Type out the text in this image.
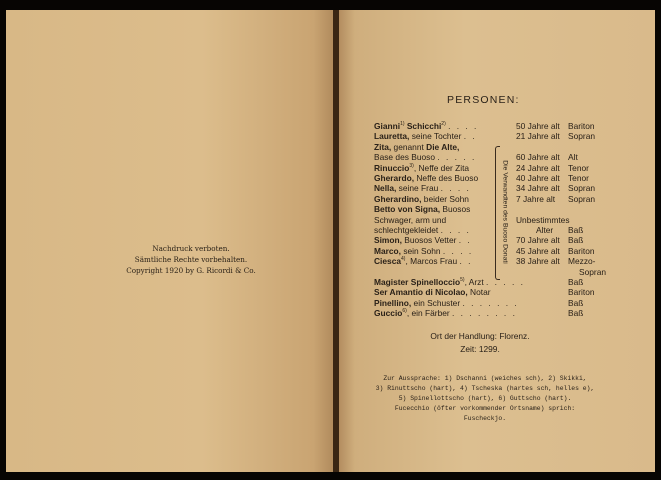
Nachdruck verboten.
Sämtliche Rechte vorbehalten.
Copyright 1920 by G. Ricordi & Co.
PERSONEN:
Gianni$^{1)}$ Schicchi$^{2)}$ . . . .	50 Jahre alt Bariton
Lauretta, seine Tochter . .	21 Jahre alt Sopran
Zita, genannt Die Alte,
Base des Buoso . . . . .	60 Jahre alt Alt
Rinuccio$^{3)}$, Neffe der Zita	24 Jahre alt Tenor
Gherardo, Neffe des Buoso	40 Jahre alt Tenor
Nella, seine Frau . . . .	34 Jahre alt Sopran
Gherardino, beider Sohn	7 Jahre alt Sopran
Betto von Signa, Buosos
Schwager, arm und	Unbestimmtes
schlechtgekleidet . . . .	Alter Baß
Simon, Buosos Vetter . .	70 Jahre alt Baß
Marco, sein Sohn . . . .	45 Jahre alt Bariton
Ciesca$^{4)}$, Marcos Frau . .	38 Jahre alt Mezzo-
Sopran
Magister Spinelloccio$^{5)}$, Arzt . . . . .	Baß
Ser Amantio di Nicolao, Notar	Bariton
Pinellino, ein Schuster . . . . . . .	Baß
Guccio$^{6)}$, ein Färber . . . . . . . .	Baß
Die Verwandten des Buoso Donati
Ort der Handlung: Florenz.
Zeit: 1299.
Zur Aussprache: 1) Dschanni (weiches sch), 2) Skikki,
3) Rinuttscho (hart), 4) Tscheska (hartes sch, helles e),
5) Spinellottscho (hart), 6) Guttscho (hart).
Fucecchio (öfter vorkommender Ortsname) sprich:
Fuscheckjo.
